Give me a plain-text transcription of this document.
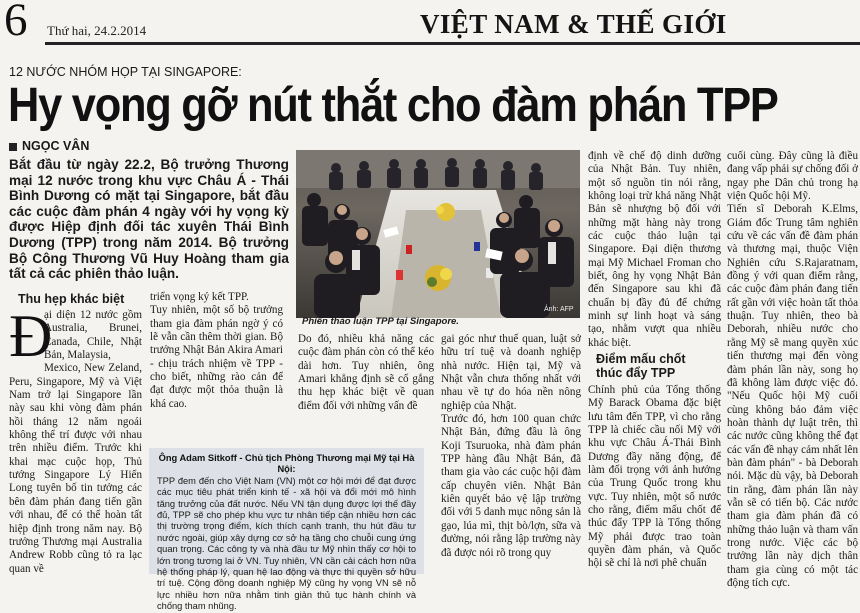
6 Thứ hai, 24.2.2014	VIỆT NAM & THẾ GIỚI
12 NƯỚC NHÓM HỌP TẠI SINGAPORE:
Hy vọng gỡ nút thắt cho đàm phán TPP
NGỌC VÂN
Bắt đầu từ ngày 22.2, Bộ trưởng Thương mại 12 nước trong khu vực Châu Á - Thái Bình Dương có mặt tại Singapore, bắt đầu các cuộc đàm phán 4 ngày với hy vọng kỳ được Hiệp định đối tác xuyên Thái Bình Dương (TPP) trong năm 2014. Bộ trưởng Bộ Công Thương Vũ Huy Hoàng tham gia tất cả các phiên thảo luận.
Thu hẹp khác biệt
Đ

ại diện 12 nước gồm Australia, Brunei, Canada, Chile, Nhật Bản, Malaysia,

Mexico, New Zeland, Peru, Singapore, Mỹ và Việt Nam trở lại Singapore lần này sau khi vòng đàm phán hồi tháng 12 năm ngoái không thể trí được với nhau trên nhiều điểm. Trước khi khai mạc cuộc họp, Thủ tướng Singapore Lý Hiển Long tuyên bố tin tưởng các bên đàm phán đang tiến gần với nhau, để có thể hoàn tất hiệp định trong năm nay. Bộ trưởng Thương mại Australia Andrew Robb cũng tỏ ra lạc quan về

triển vọng ký kết TPP.
Tuy nhiên, một số bộ trưởng tham gia đàm phán ngờ ý có lẽ vẫn cần thêm thời gian. Bộ trưởng Nhật Bản Akira Amari - chịu trách nhiệm về TPP - cho biết, những rào cản để đạt được một thỏa thuận là khá cao.
Ông Adam Sitkoff - Chủ tịch Phòng Thương mại Mỹ tại Hà Nội:
TPP đem đến cho Việt Nam (VN) một cơ hội mới để đạt được các mục tiêu phát triển kinh tế - xã hội và đổi mới mô hình tăng trưởng của đất nước. Nếu VN tận dụng được lợi thế đầy đủ, TPP sẽ cho phép khu vực tư nhân tiếp cận nhiều hơn các thị trường trọng điểm, kích thích cạnh tranh, thu hút đầu tư nước ngoài, giúp xây dựng cơ sở hạ tầng cho chuỗi cung ứng quan trọng. Các công ty và nhà đầu tư Mỹ nhìn thấy cơ hội to lớn trong tương lai ở VN. Tuy nhiên, VN cần cải cách hơn nữa hệ thống pháp lý, quan hệ lao động và thực thi quyền sở hữu trí tuệ. Cộng đồng doanh nghiệp Mỹ cũng hy vọng VN sẽ nỗ lực nhiều hơn nữa nhằm tinh giản thủ tục hành chính và chống tham nhũng.
Ảnh: AFP
Phiên thảo luận TPP tại Singapore.
Do đó, nhiều khả năng các cuộc đàm phán còn có thể kéo dài hơn. Tuy nhiên, ông Amari khẳng định sẽ cố gắng thu hẹp khác biệt về quan điểm đối với những vấn đề
gai góc như thuế quan, luật sở hữu trí tuệ và doanh nghiệp nhà nước. Hiện tại, Mỹ và Nhật vẫn chưa thống nhất với nhau về tự do hóa nền nông nghiệp của Nhật.
Trước đó, hơn 100 quan chức Nhật Bản, đứng đầu là ông Koji Tsuruoka, nhà đàm phán TPP hàng đầu Nhật Bản, đã tham gia vào các cuộc hội đàm cấp chuyên viên. Nhật Bản kiên quyết bảo vệ lập trường đối với 5 danh mục nông sản là gạo, lúa mì, thịt bò/lợn, sữa và đường, nói rằng lập trường này đã được nói rõ trong quy
định về chế độ dinh dưỡng của Nhật Bản. Tuy nhiên, một số nguồn tin nói rằng, không loại trừ khả năng Nhật Bản sẽ nhượng bộ đối với những mặt hàng này trong các cuộc thảo luận tại Singapore. Đại diện thương mại Mỹ Michael Froman cho biết, ông hy vọng Nhật Bản đến Singapore sau khi đã chuẩn bị đầy đủ để chứng minh sự linh hoạt và sáng tạo, nhằm vượt qua nhiều khác biệt.
Điểm mấu chốt thúc đẩy TPP
Chính phủ của Tổng thống Mỹ Barack Obama đặc biệt lưu tâm đến TPP, vì cho rằng TPP là chiếc cầu nối Mỹ với khu vực Châu Á-Thái Bình Dương đầy năng động, để làm đối trọng với ảnh hưởng của Trung Quốc trong khu vực. Tuy nhiên, một số nước cho rằng, điểm mấu chốt để thúc đẩy TPP là Tổng thống Mỹ phải được trao toàn quyền đàm phán, và Quốc hội sẽ chỉ là nơi phê chuẩn
cuối cùng. Đây cũng là điều đang vấp phải sự chống đối ở ngay phe Dân chủ trong hạ viện Quốc hội Mỹ.
Tiến sĩ Deborah K.Elms, Giám đốc Trung tâm nghiên cứu về các vấn đề đàm phán và thương mại, thuộc Viện Nghiên cứu S.Rajaratnam, đồng ý với quan điểm rằng, các cuộc đàm phán đang tiến rất gần với việc hoàn tất thỏa thuận. Tuy nhiên, theo bà Deborah, nhiều nước cho rằng Mỹ sẽ mang quyền xúc tiến thương mại đến vòng đàm phán lần này, song họ đã không làm được việc đó. "Nếu Quốc hội Mỹ cuối cùng không bảo đảm việc hoàn thành dự luật trên, thì các nước cũng không thể đạt các vấn đề nhạy cảm nhất lên bàn đàm phán" - bà Deborah nói. Mặc dù vậy, bà Deborah tin rằng, đàm phán lần này vẫn sẽ có tiến bộ. Các nước tham gia đàm phán đã có những thảo luận và tham vấn trong nước. Việc các bộ trưởng lần này dịch thân tham gia cùng có một tác động tích cực.
